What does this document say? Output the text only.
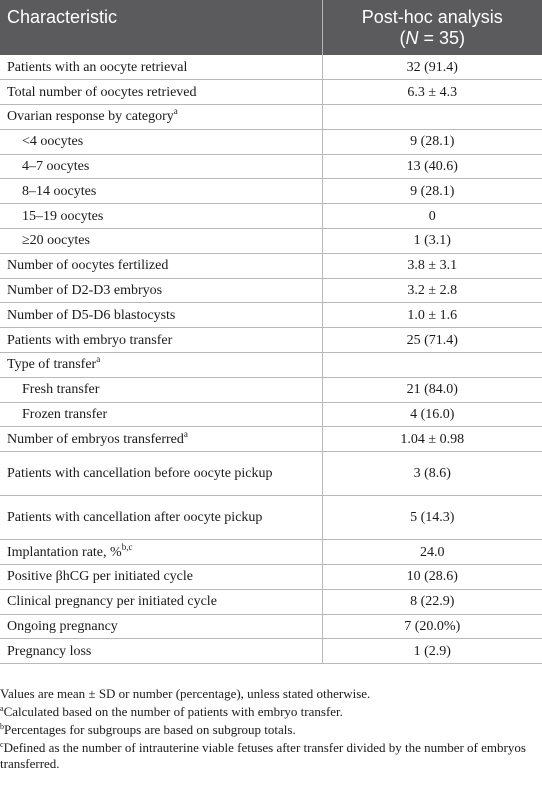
Characteristic	Post-hoc analysis
(N = 35)
Patients with an oocyte retrieval	32 (91.4)
Total number of oocytes retrieved	6.3 ± 4.3
Ovarian response by category$^a$	
<4 oocytes	9 (28.1)
4–7 oocytes	13 (40.6)
8–14 oocytes	9 (28.1)
15–19 oocytes	0
≥20 oocytes	1 (3.1)
Number of oocytes fertilized	3.8 ± 3.1
Number of D2-D3 embryos	3.2 ± 2.8
Number of D5-D6 blastocysts	1.0 ± 1.6
Patients with embryo transfer	25 (71.4)
Type of transfer$^a$	
Fresh transfer	21 (84.0)
Frozen transfer	4 (16.0)
Number of embryos transferred$^a$	1.04 ± 0.98
Patients with cancellation before oocyte pickup	3 (8.6)
Patients with cancellation after oocyte pickup	5 (14.3)
Implantation rate, %$^{b,c}$	24.0
Positive βhCG per initiated cycle	10 (28.6)
Clinical pregnancy per initiated cycle	8 (22.9)
Ongoing pregnancy	7 (20.0%)
Pregnancy loss	1 (2.9)

Values are mean ± SD or number (percentage), unless stated otherwise.

$^a$Calculated based on the number of patients with embryo transfer.

$^b$Percentages for subgroups are based on subgroup totals.

$^c$Defined as the number of intrauterine viable fetuses after transfer divided by the number of embryos transferred.
